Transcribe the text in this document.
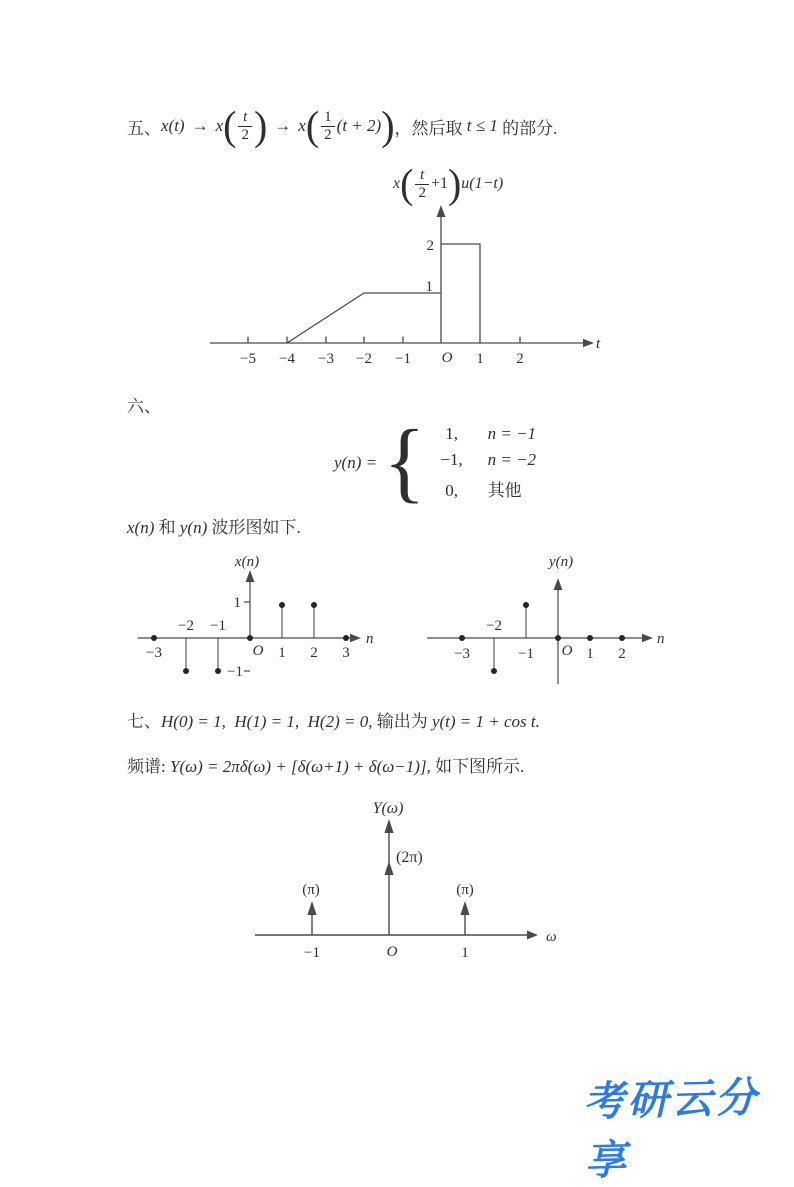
五、 x(t) → x ( $\frac{t}{2}$ ) → x ( $\frac{1}{2} (t + 2)$ ) ，然后取 t ≤ 1 的部分.
x ( $\frac{t}{2} +1$ ) u(1−t)
t
−5 −4 −3 −2 −1 O 1 2
2
1
六、
y(n) = {	1,	n = −1
−1,	n = −2
0,	其他
x(n) 和 y(n) 波形图如下.
x(n)
n
1
−1
−2 −1
−3	O 1 2 3
y(n)
n
−3
−2
−1 O 1 2
七、 H(0) = 1,  H(1) = 1,  H(2) = 0, 输出为 y(t) = 1 + cos t.
频谱: Y(ω) = 2πδ(ω) + [δ(ω+1) + δ(ω−1)], 如下图所示.
Y(ω)
ω
(2π)
(π)	(π)
−1	O	1
考研云分享
